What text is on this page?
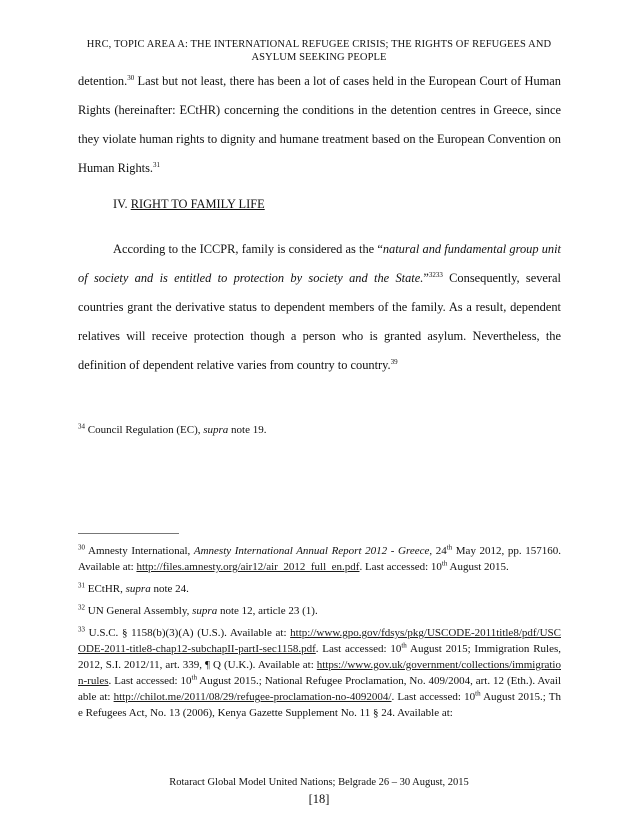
HRC, TOPIC AREA A: THE INTERNATIONAL REFUGEE CRISIS; THE RIGHTS OF REFUGEES AND
ASYLUM SEEKING PEOPLE

detention.$^{30}$ Last but not least, there has been a lot of cases held in the European Court of Human Rights (hereinafter: ECtHR) concerning the conditions in the detention centres in Greece, since they violate human rights to dignity and humane treatment based on the European Convention on Human Rights.$^{31}$

IV. RIGHT TO FAMILY LIFE

According to the ICCPR, family is considered as the “natural and fundamental group unit of society and is entitled to protection by society and the State.”$^{3233}$ Consequently, several countries grant the derivative status to dependent members of the family. As a result, dependent relatives will receive protection though a person who is granted asylum. Nevertheless, the definition of dependent relative varies from country to country.$^{39}$

$^{34}$ Council Regulation (EC), supra note 19.

$^{30}$ Amnesty International, Amnesty International Annual Report 2012 - Greece, 24th May 2012, pp. 157160. Available at: http://files.amnesty.org/air12/air_2012_full_en.pdf. Last accessed: 10th August 2015.

$^{31}$ ECtHR, supra note 24.

$^{32}$ UN General Assembly, supra note 12, article 23 (1).

$^{33}$ U.S.C. § 1158(b)(3)(A) (U.S.). Available at: http://www.gpo.gov/fdsys/pkg/USCODE-2011title8/pdf/USCODE-2011-title8-chap12-subchapII-partI-sec1158.pdf. Last accessed: 10th August 2015; Immigration Rules, 2012, S.I. 2012/11, art. 339, ¶ Q (U.K.). Available at: https://www.gov.uk/government/collections/immigration-rules. Last accessed: 10th August 2015.; National Refugee Proclamation, No. 409/2004, art. 12 (Eth.). Available at: http://chilot.me/2011/08/29/refugee-proclamation-no-4092004/. Last accessed: 10th August 2015.; The Refugees Act, No. 13 (2006), Kenya Gazette Supplement No. 11 § 24. Available at:

Rotaract Global Model United Nations; Belgrade 26 – 30 August, 2015
[18]
